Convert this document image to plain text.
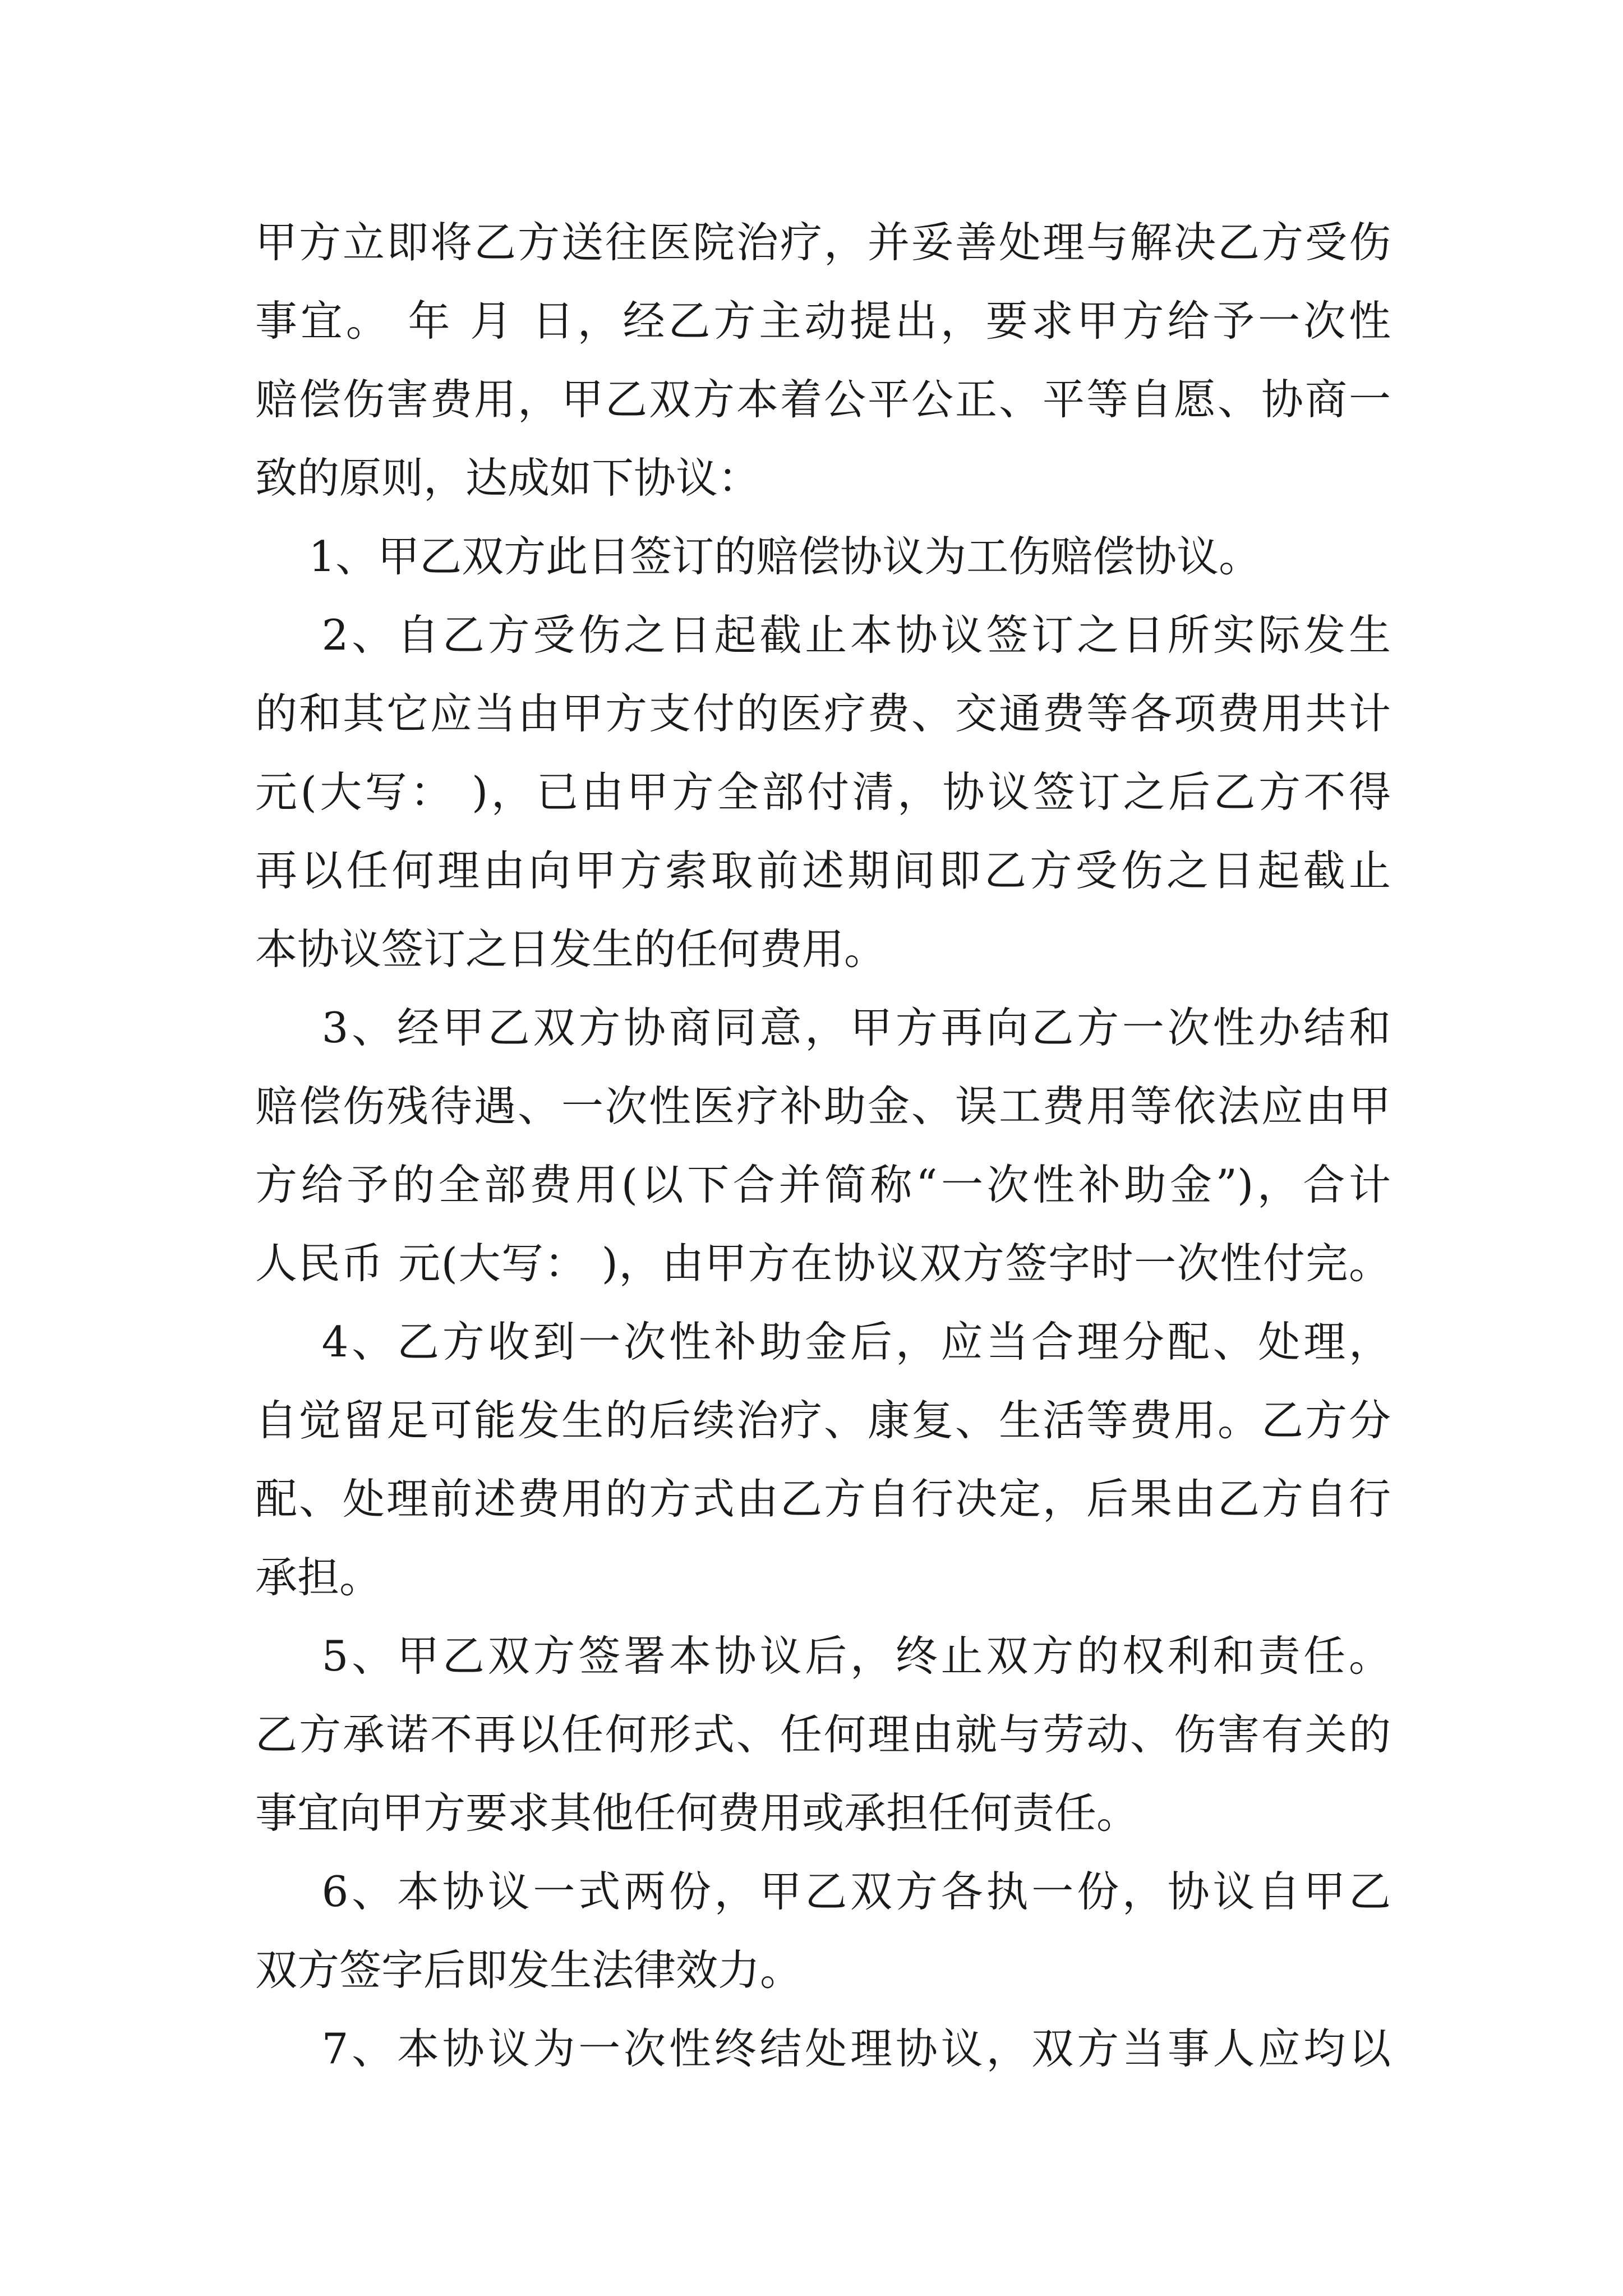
甲方立即将乙方送往医院治疗，并妥善处理与解决乙方受伤
事宜。 年 月 日，经乙方主动提出，要求甲方给予一次性
赔偿伤害费用，甲乙双方本着公平公正、平等自愿、协商一
致的原则，达成如下协议：
1、甲乙双方此日签订的赔偿协议为工伤赔偿协议。
2、自乙方受伤之日起截止本协议签订之日所实际发生
的和其它应当由甲方支付的医疗费、交通费等各项费用共计
元(大写： )，已由甲方全部付清，协议签订之后乙方不得
再以任何理由向甲方索取前述期间即乙方受伤之日起截止
本协议签订之日发生的任何费用。
3、经甲乙双方协商同意，甲方再向乙方一次性办结和
赔偿伤残待遇、一次性医疗补助金、误工费用等依法应由甲
方给予的全部费用(以下合并简称“一次性补助金”)，合计
人民币 元(大写： )，由甲方在协议双方签字时一次性付完。
4、乙方收到一次性补助金后，应当合理分配、处理，
自觉留足可能发生的后续治疗、康复、生活等费用。乙方分
配、处理前述费用的方式由乙方自行决定，后果由乙方自行
承担。
5、甲乙双方签署本协议后，终止双方的权利和责任。
乙方承诺不再以任何形式、任何理由就与劳动、伤害有关的
事宜向甲方要求其他任何费用或承担任何责任。
6、本协议一式两份，甲乙双方各执一份，协议自甲乙
双方签字后即发生法律效力。
7、本协议为一次性终结处理协议，双方当事人应均以
